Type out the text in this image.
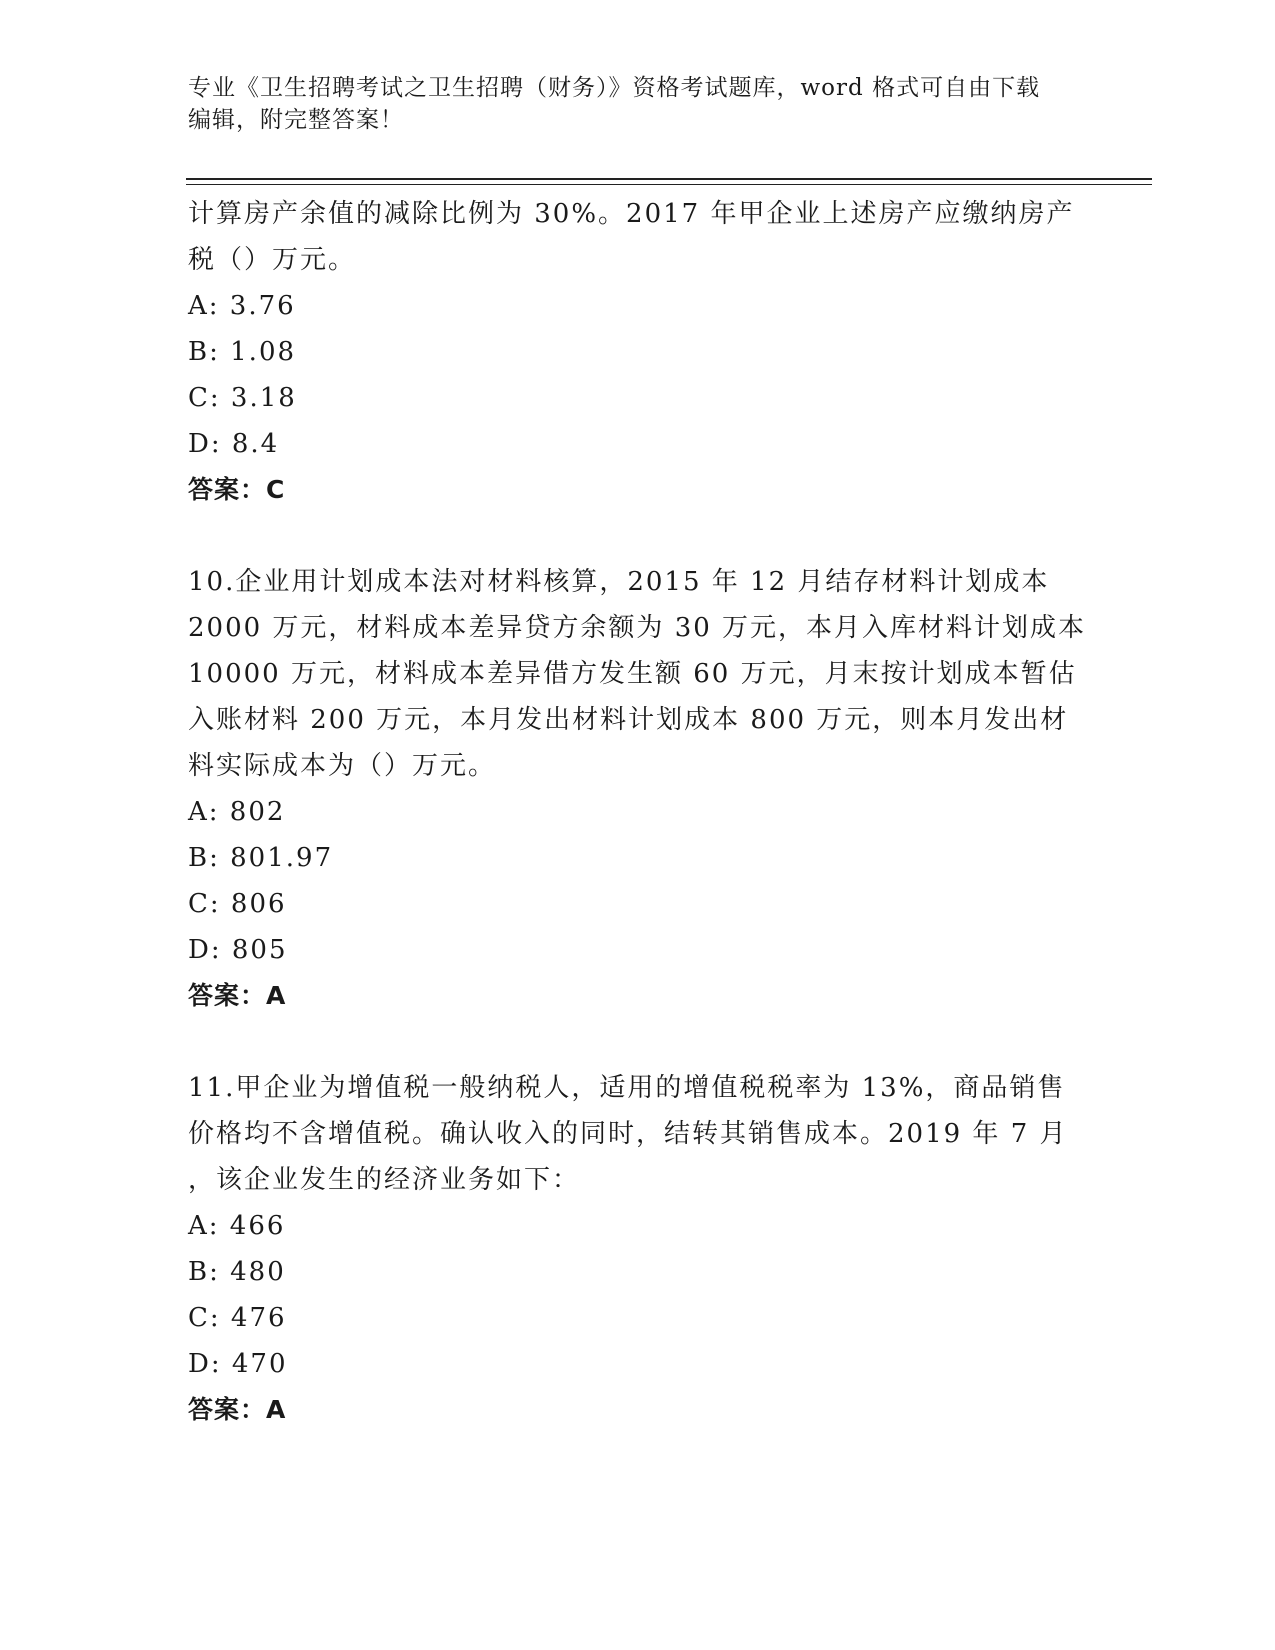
专业《卫生招聘考试之卫生招聘（财务）》资格考试题库，word 格式可自由下载
编辑，附完整答案！

计算房产余值的减除比例为 30%。2017 年甲企业上述房产应缴纳房产

税（）万元。

A: 3.76

B: 1.08

C: 3.18

D: 8.4

答案：C

10.企业用计划成本法对材料核算，2015 年 12 月结存材料计划成本

2000 万元，材料成本差异贷方余额为 30 万元，本月入库材料计划成本

10000 万元，材料成本差异借方发生额 60 万元，月末按计划成本暂估

入账材料 200 万元，本月发出材料计划成本 800 万元，则本月发出材

料实际成本为（）万元。

A: 802

B: 801.97

C: 806

D: 805

答案：A

11.甲企业为增值税一般纳税人，适用的增值税税率为 13%，商品销售

价格均不含增值税。确认收入的同时，结转其销售成本。2019 年 7 月

，该企业发生的经济业务如下：

A: 466

B: 480

C: 476

D: 470

答案：A
